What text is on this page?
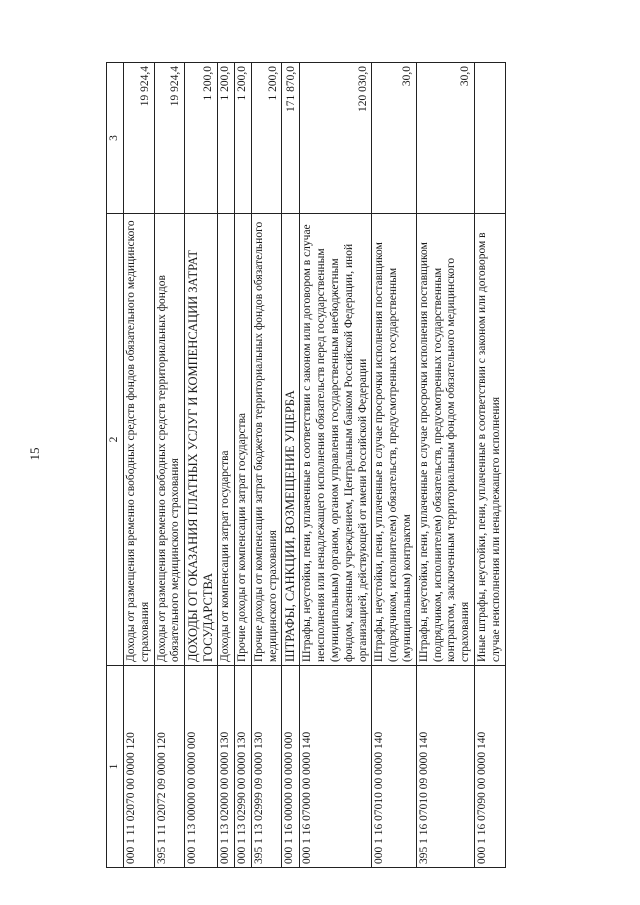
15
1	2	3
000 1 11 02070 00 0000 120	Доходы от размещения временно свободных средств фондов обязательного медицинского страхования	19 924,4
395 1 11 02072 09 0000 120	Доходы от размещения временно свободных средств территориальных фондов обязательного медицинского страхования	19 924,4
000 1 13 00000 00 0000 000	ДОХОДЫ ОТ ОКАЗАНИЯ ПЛАТНЫХ УСЛУГ И КОМПЕНСАЦИИ ЗАТРАТ ГОСУДАРСТВА	1 200,0
000 1 13 02000 00 0000 130	Доходы от компенсации затрат государства	1 200,0
000 1 13 02990 00 0000 130	Прочие доходы от компенсации затрат государства	1 200,0
395 1 13 02999 09 0000 130	Прочие доходы от компенсации затрат бюджетов территориальных фондов обязательного медицинского страхования	1 200,0
000 1 16 00000 00 0000 000	ШТРАФЫ, САНКЦИИ, ВОЗМЕЩЕНИЕ УЩЕРБА	171 870,0
000 1 16 07000 00 0000 140	Штрафы, неустойки, пени, уплаченные в соответствии с законом или договором в случае неисполнения или ненадлежащего исполнения обязательств перед государственным (муниципальным) органом, органом управления государственным внебюджетным фондом, казенным учреждением, Центральным банком Российской Федерации, иной организацией, действующей от имени Российской Федерации	120 030,0
000 1 16 07010 00 0000 140	Штрафы, неустойки, пени, уплаченные в случае просрочки исполнения поставщиком (подрядчиком, исполнителем) обязательств, предусмотренных государственным (муниципальным) контрактом	30,0
395 1 16 07010 09 0000 140	Штрафы, неустойки, пени, уплаченные в случае просрочки исполнения поставщиком (подрядчиком, исполнителем) обязательств, предусмотренных государственным контрактом, заключенным территориальным фондом обязательного медицинского страхования	30,0
000 1 16 07090 00 0000 140	Иные штрафы, неустойки, пени, уплаченные в соответствии с законом или договором в случае неисполнения или ненадлежащего исполнения	
